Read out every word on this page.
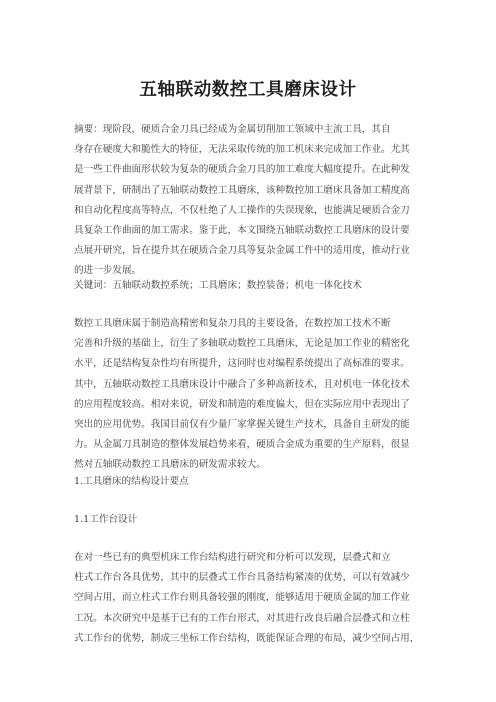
五轴联动数控工具磨床设计
摘要：现阶段，硬质合金刀具已经成为金属切削加工领域中主流工具，其自
身存在硬度大和脆性大的特征，无法采取传统的加工机床来完成加工作业。尤其
是一些工件曲面形状较为复杂的硬质合金刀具的加工难度大幅度提升。在此种发
展背景下，研制出了五轴联动数控工具磨床，该种数控加工磨床具备加工精度高
和自动化程度高等特点，不仅杜绝了人工操作的失误现象，也能满足硬质合金刀
具复杂工作曲面的加工需求。鉴于此，本文围绕五轴联动数控工具磨床的设计要
点展开研究，旨在提升其在硬质合金刀具等复杂金属工件中的适用度，推动行业
的进一步发展。
关键词：五轴联动数控系统；工具磨床；数控装备；机电一体化技术
数控工具磨床属于制造高精密和复杂刀具的主要设备，在数控加工技术不断
完善和升级的基础上，衍生了多轴联动数控工具磨床，无论是加工作业的精密化
水平，还是结构复杂性均有所提升，这同时也对编程系统提出了高标准的要求。
其中，五轴联动数控工具磨床设计中融合了多种高新技术，且对机电一体化技术
的应用程度较高。相对来说，研发和制造的难度偏大，但在实际应用中表现出了
突出的应用优势。我国目前仅有少量厂家掌握关键生产技术，具备自主研发的能
力。从金属刀具制造的整体发展趋势来看，硬质合金成为重要的生产原料，很显
然对五轴联动数控工具磨床的研发需求较大。
1.工具磨床的结构设计要点
1.1工作台设计
在对一些已有的典型机床工作台结构进行研究和分析可以发现，层叠式和立
柱式工作台各具优势，其中的层叠式工作台具备结构紧凑的优势，可以有效减少
空间占用，而立柱式工作台则具备较强的刚度，能够适用于硬质金属的加工作业
工况。本次研究中是基于已有的工作台形式，对其进行改良后融合层叠式和立柱
式工作台的优势，制成三坐标工作台结构，既能保证合理的布局，减少空间占用，
